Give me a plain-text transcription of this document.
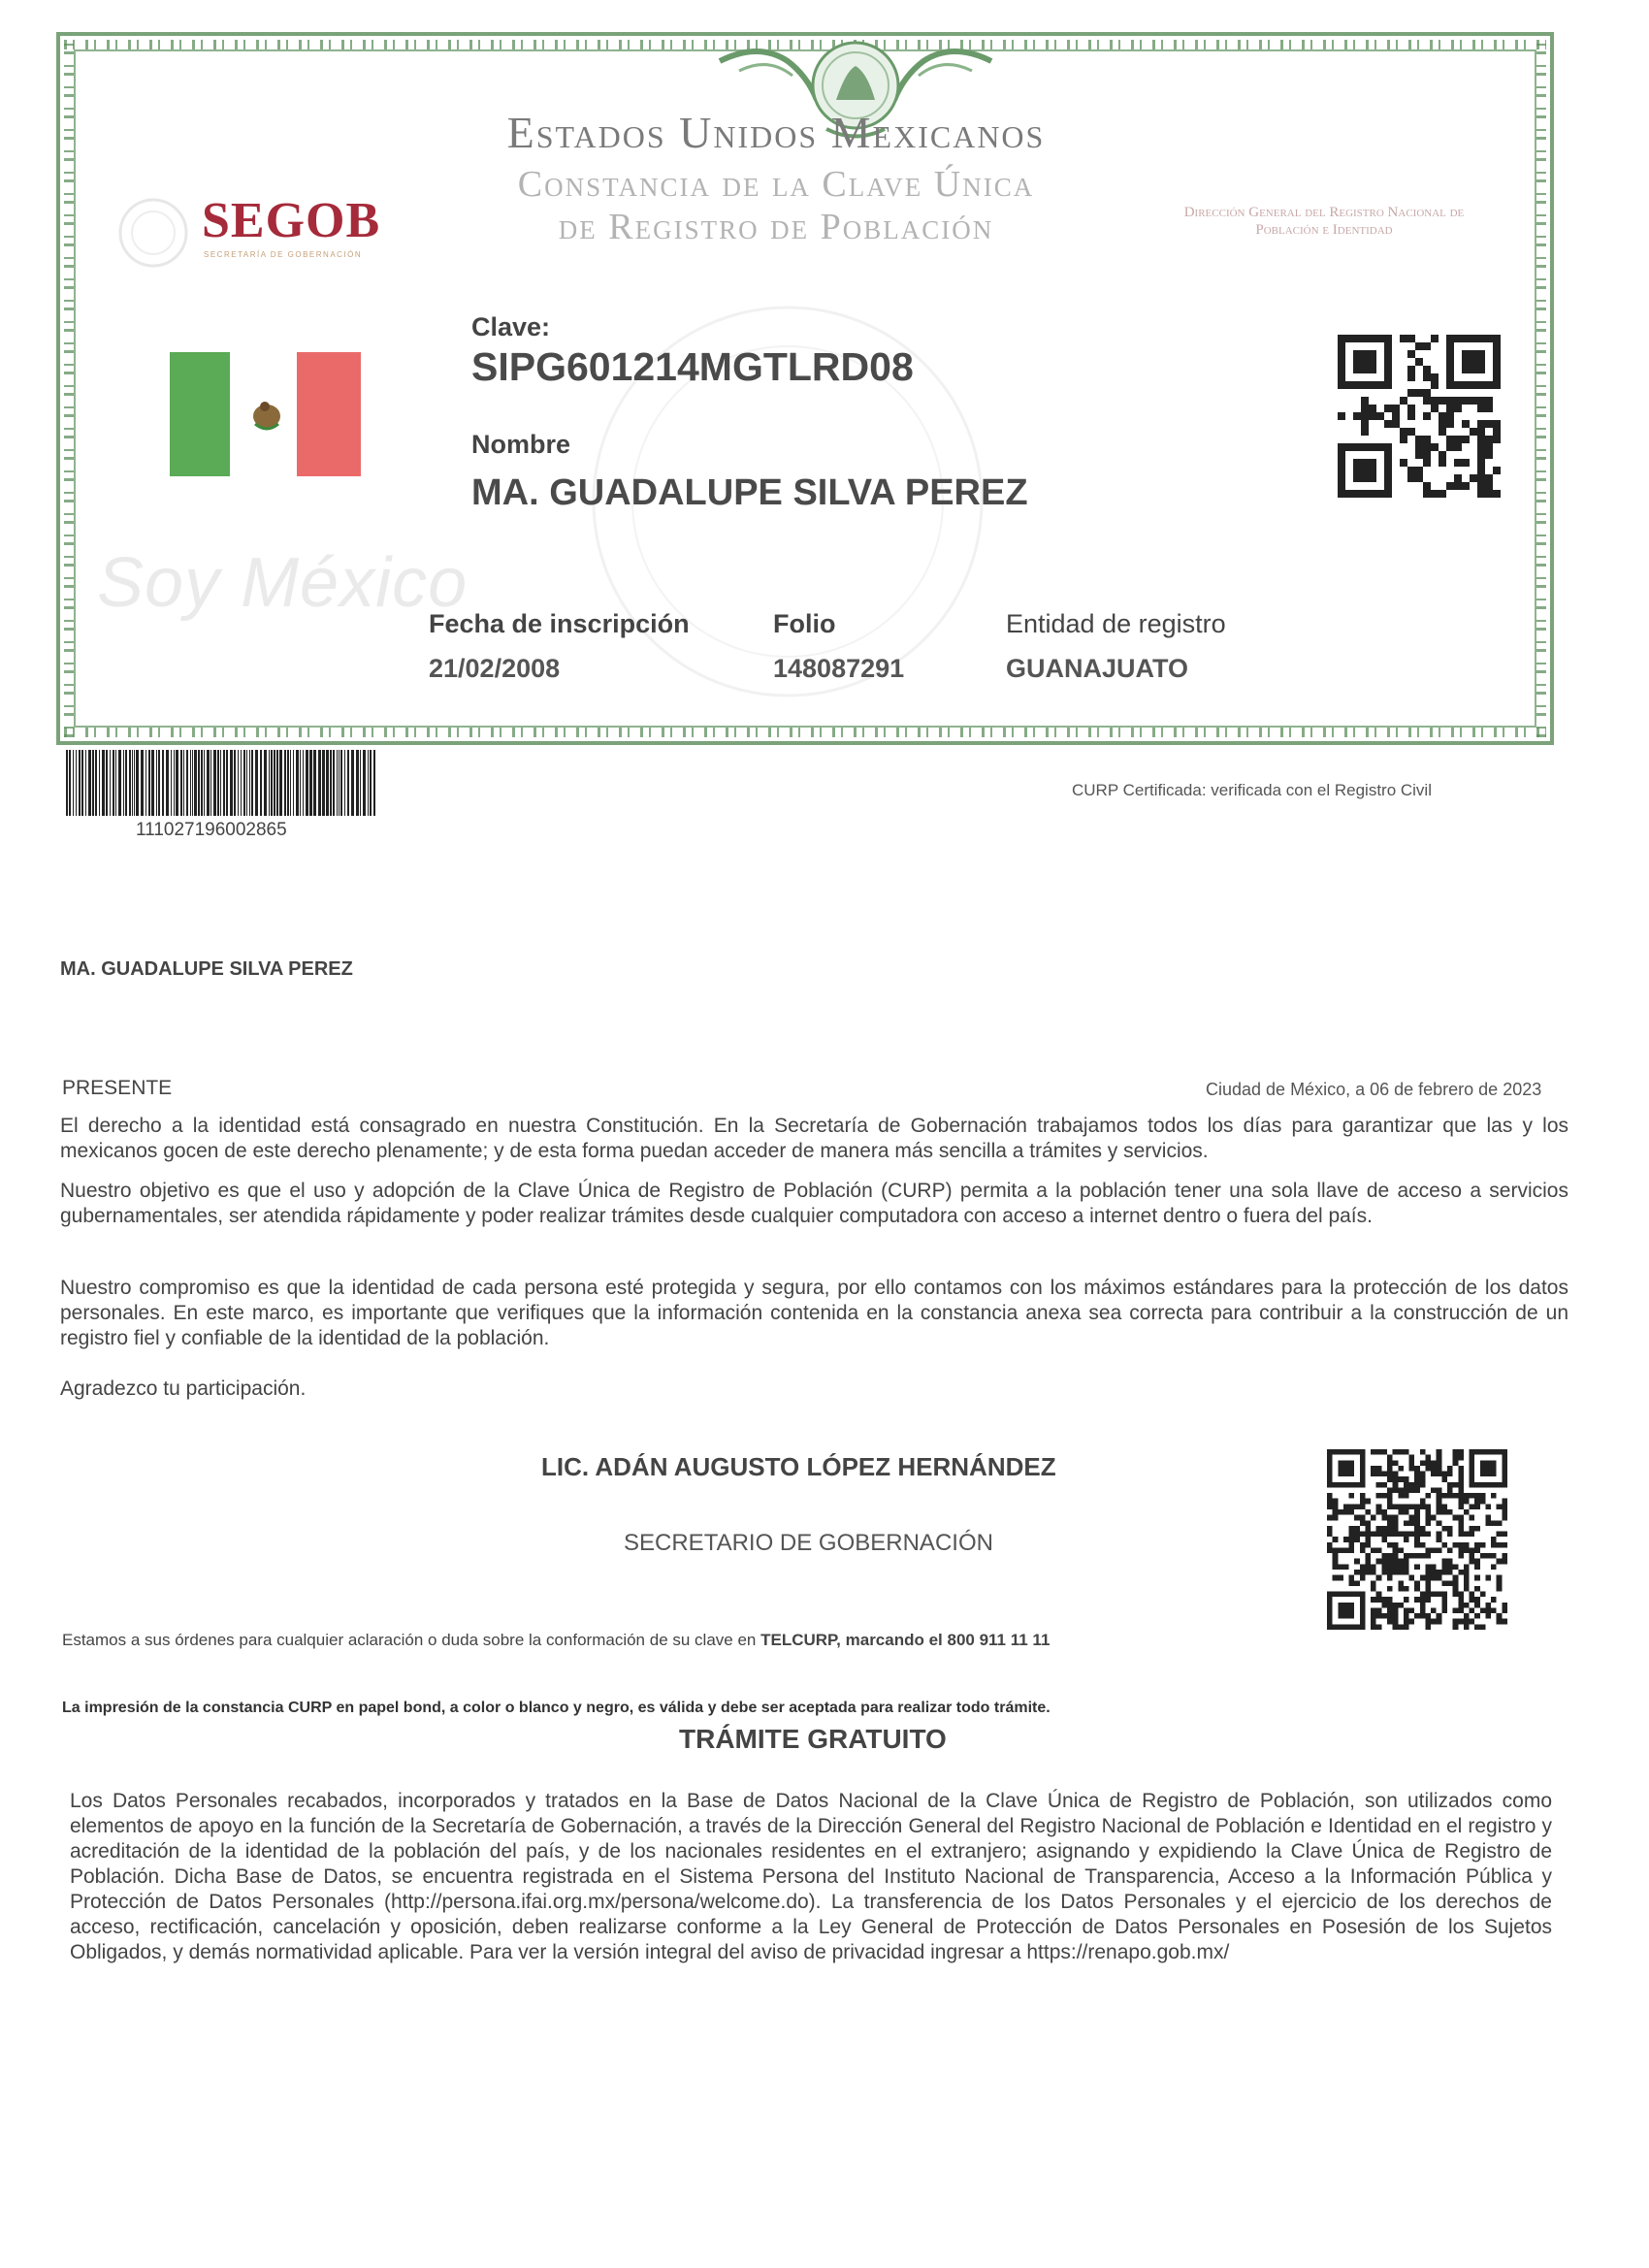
Estados Unidos Mexicanos
Constancia de la Clave Única
de Registro de Población
SEGOB
SECRETARÍA DE GOBERNACIÓN
Dirección General del Registro Nacional de Población e Identidad
Clave:
SIPG601214MGTLRD08
Nombre
MA. GUADALUPE SILVA PEREZ
Soy México
Fecha de inscripción
21/02/2008
Folio
148087291
Entidad de registro
GUANAJUATO
111027196002865
CURP Certificada: verificada con el Registro Civil
MA. GUADALUPE SILVA PEREZ
PRESENTE	Ciudad de México, a 06 de febrero de 2023
El derecho a la identidad está consagrado en nuestra Constitución. En la Secretaría de Gobernación trabajamos todos los días para garantizar que las y los mexicanos gocen de este derecho plenamente; y de esta forma puedan acceder de manera más sencilla a trámites y servicios.
Nuestro objetivo es que el uso y adopción de la Clave Única de Registro de Población (CURP) permita a la población tener una sola llave de acceso a servicios gubernamentales, ser atendida rápidamente y poder realizar trámites desde cualquier computadora con acceso a internet dentro o fuera del país.
Nuestro compromiso es que la identidad de cada persona esté protegida y segura, por ello contamos con los máximos estándares para la protección de los datos personales. En este marco, es importante que verifiques que la información contenida en la constancia anexa sea correcta para contribuir a la construcción de un registro fiel y confiable de la identidad de la población.
Agradezco tu participación.
LIC. ADÁN AUGUSTO LÓPEZ HERNÁNDEZ
SECRETARIO DE GOBERNACIÓN
Estamos a sus órdenes para cualquier aclaración o duda sobre la conformación de su clave en TELCURP, marcando el 800 911 11 11
La impresión de la constancia CURP en papel bond, a color o blanco y negro, es válida y debe ser aceptada para realizar todo trámite.
TRÁMITE GRATUITO
Los Datos Personales recabados, incorporados y tratados en la Base de Datos Nacional de la Clave Única de Registro de Población, son utilizados como elementos de apoyo en la función de la Secretaría de Gobernación, a través de la Dirección General del Registro Nacional de Población e Identidad en el registro y acreditación de la identidad de la población del país, y de los nacionales residentes en el extranjero; asignando y expidiendo la Clave Única de Registro de Población. Dicha Base de Datos, se encuentra registrada en el Sistema Persona del Instituto Nacional de Transparencia, Acceso a la Información Pública y Protección de Datos Personales (http://persona.ifai.org.mx/persona/welcome.do). La transferencia de los Datos Personales y el ejercicio de los derechos de acceso, rectificación, cancelación y oposición, deben realizarse conforme a la Ley General de Protección de Datos Personales en Posesión de los Sujetos Obligados, y demás normatividad aplicable. Para ver la versión integral del aviso de privacidad ingresar a https://renapo.gob.mx/
